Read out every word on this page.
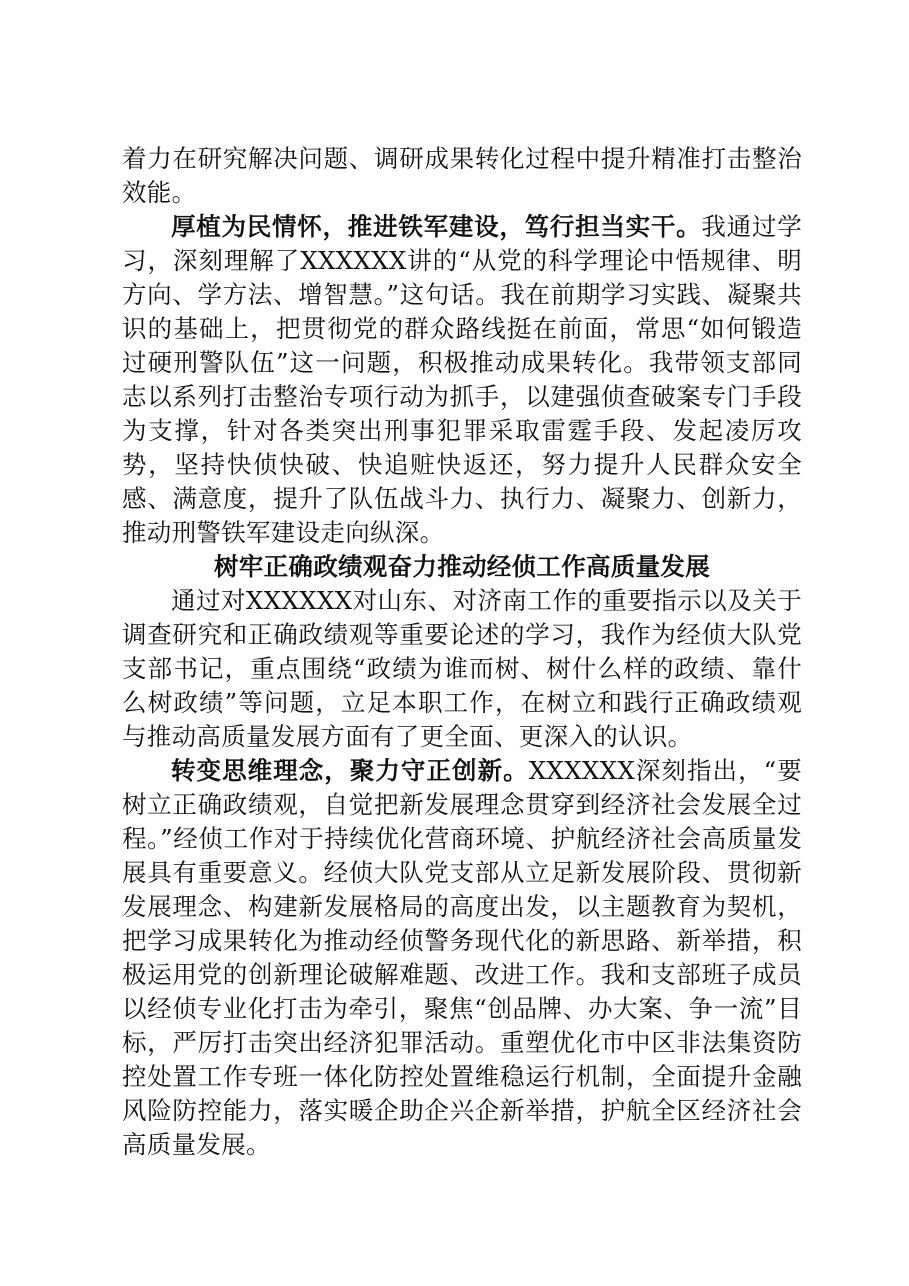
着力在研究解决问题、调研成果转化过程中提升精准打击整治效能。

厚植为民情怀，推进铁军建设，笃行担当实干。我通过学习，深刻理解了XXXXXX讲的“从党的科学理论中悟规律、明方向、学方法、增智慧。”这句话。我在前期学习实践、凝聚共识的基础上，把贯彻党的群众路线挺在前面，常思“如何锻造过硬刑警队伍”这一问题，积极推动成果转化。我带领支部同志以系列打击整治专项行动为抓手，以建强侦查破案专门手段为支撑，针对各类突出刑事犯罪采取雷霆手段、发起凌厉攻势，坚持快侦快破、快追赃快返还，努力提升人民群众安全感、满意度，提升了队伍战斗力、执行力、凝聚力、创新力，推动刑警铁军建设走向纵深。

树牢正确政绩观奋力推动经侦工作高质量发展

通过对XXXXXX对山东、对济南工作的重要指示以及关于调查研究和正确政绩观等重要论述的学习，我作为经侦大队党支部书记，重点围绕“政绩为谁而树、树什么样的政绩、靠什么树政绩”等问题，立足本职工作，在树立和践行正确政绩观与推动高质量发展方面有了更全面、更深入的认识。

转变思维理念，聚力守正创新。XXXXXX深刻指出，“要树立正确政绩观，自觉把新发展理念贯穿到经济社会发展全过程。”经侦工作对于持续优化营商环境、护航经济社会高质量发展具有重要意义。经侦大队党支部从立足新发展阶段、贯彻新发展理念、构建新发展格局的高度出发，以主题教育为契机，把学习成果转化为推动经侦警务现代化的新思路、新举措，积极运用党的创新理论破解难题、改进工作。我和支部班子成员以经侦专业化打击为牵引，聚焦“创品牌、办大案、争一流”目标，严厉打击突出经济犯罪活动。重塑优化市中区非法集资防控处置工作专班一体化防控处置维稳运行机制，全面提升金融风险防控能力，落实暖企助企兴企新举措，护航全区经济社会高质量发展。
